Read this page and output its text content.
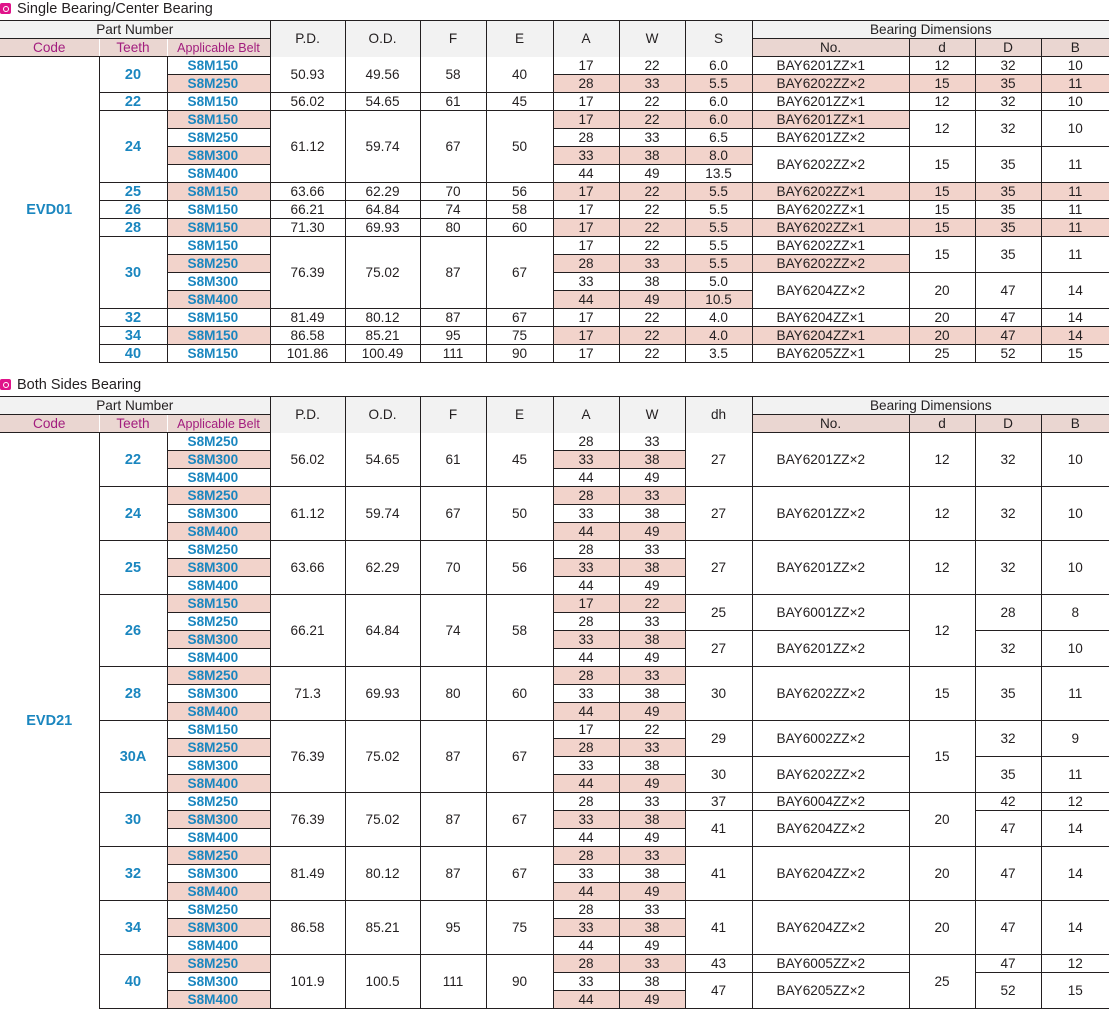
Single Bearing/Center Bearing
Part Number			P.D.	O.D.	F	E	A	W	S	Bearing Dimensions			
Code	Teeth	Applicable Belt								No.	d	D	B
EVD01	20	S8M150	50.93	49.56	58	40	17	22	6.0	BAY6201ZZ×1	12	32	10
		S8M250					28	33	5.5	BAY6202ZZ×2	15	35	11
	22	S8M150	56.02	54.65	61	45	17	22	6.0	BAY6201ZZ×1	12	32	10
	24	S8M150	61.12	59.74	67	50	17	22	6.0	BAY6201ZZ×1	12	32	10
		S8M250					28	33	6.5	BAY6201ZZ×2			
		S8M300					33	38	8.0	BAY6202ZZ×2	15	35	11
		S8M400					44	49	13.5				
	25	S8M150	63.66	62.29	70	56	17	22	5.5	BAY6202ZZ×1	15	35	11
	26	S8M150	66.21	64.84	74	58	17	22	5.5	BAY6202ZZ×1	15	35	11
	28	S8M150	71.30	69.93	80	60	17	22	5.5	BAY6202ZZ×1	15	35	11
	30	S8M150	76.39	75.02	87	67	17	22	5.5	BAY6202ZZ×1	15	35	11
		S8M250					28	33	5.5	BAY6202ZZ×2			
		S8M300					33	38	5.0	BAY6204ZZ×2	20	47	14
		S8M400					44	49	10.5				
	32	S8M150	81.49	80.12	87	67	17	22	4.0	BAY6204ZZ×1	20	47	14
	34	S8M150	86.58	85.21	95	75	17	22	4.0	BAY6204ZZ×1	20	47	14
	40	S8M150	101.86	100.49	111	90	17	22	3.5	BAY6205ZZ×1	25	52	15
Both Sides Bearing
Part Number			P.D.	O.D.	F	E	A	W	dh	Bearing Dimensions			
Code	Teeth	Applicable Belt								No.	d	D	B
EVD21	22	S8M250	56.02	54.65	61	45	28	33	27	BAY6201ZZ×2	12	32	10
		S8M300					33	38					
		S8M400					44	49					
	24	S8M250	61.12	59.74	67	50	28	33	27	BAY6201ZZ×2	12	32	10
		S8M300					33	38					
		S8M400					44	49					
	25	S8M250	63.66	62.29	70	56	28	33	27	BAY6201ZZ×2	12	32	10
		S8M300					33	38					
		S8M400					44	49					
	26	S8M150	66.21	64.84	74	58	17	22	25	BAY6001ZZ×2	12	28	8
		S8M250					28	33					
		S8M300					33	38	27	BAY6201ZZ×2		32	10
		S8M400					44	49					
	28	S8M250	71.3	69.93	80	60	28	33	30	BAY6202ZZ×2	15	35	11
		S8M300					33	38					
		S8M400					44	49					
	30A	S8M150	76.39	75.02	87	67	17	22	29	BAY6002ZZ×2	15	32	9
		S8M250					28	33					
		S8M300					33	38	30	BAY6202ZZ×2		35	11
		S8M400					44	49					
	30	S8M250	76.39	75.02	87	67	28	33	37	BAY6004ZZ×2	20	42	12
		S8M300					33	38	41	BAY6204ZZ×2		47	14
		S8M400					44	49					
	32	S8M250	81.49	80.12	87	67	28	33	41	BAY6204ZZ×2	20	47	14
		S8M300					33	38					
		S8M400					44	49					
	34	S8M250	86.58	85.21	95	75	28	33	41	BAY6204ZZ×2	20	47	14
		S8M300					33	38					
		S8M400					44	49					
	40	S8M250	101.9	100.5	111	90	28	33	43	BAY6005ZZ×2	25	47	12
		S8M300					33	38	47	BAY6205ZZ×2		52	15
		S8M400					44	49					
